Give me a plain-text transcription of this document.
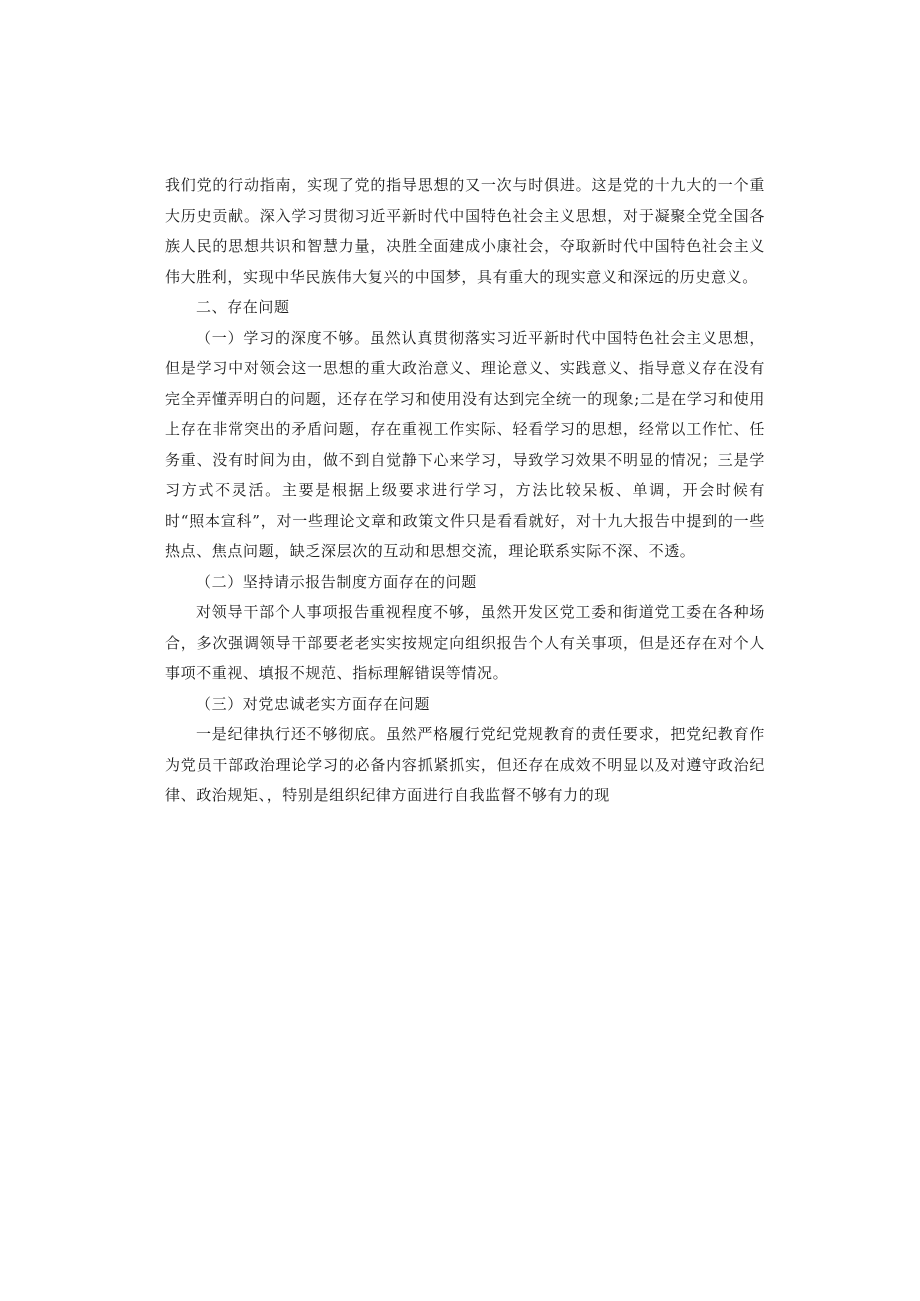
我们党的行动指南，实现了党的指导思想的又一次与时俱进。这是党的十九大的一个重大历史贡献。深入学习贯彻习近平新时代中国特色社会主义思想，对于凝聚全党全国各族人民的思想共识和智慧力量，决胜全面建成小康社会，夺取新时代中国特色社会主义伟大胜利，实现中华民族伟大复兴的中国梦，具有重大的现实意义和深远的历史意义。

二、存在问题

（一）学习的深度不够。虽然认真贯彻落实习近平新时代中国特色社会主义思想，但是学习中对领会这一思想的重大政治意义、理论意义、实践意义、指导意义存在没有完全弄懂弄明白的问题，还存在学习和使用没有达到完全统一的现象;二是在学习和使用上存在非常突出的矛盾问题，存在重视工作实际、轻看学习的思想，经常以工作忙、任务重、没有时间为由，做不到自觉静下心来学习，导致学习效果不明显的情况；三是学习方式不灵活。主要是根据上级要求进行学习，方法比较呆板、单调，开会时候有时“照本宣科”，对一些理论文章和政策文件只是看看就好，对十九大报告中提到的一些热点、焦点问题，缺乏深层次的互动和思想交流，理论联系实际不深、不透。

（二）坚持请示报告制度方面存在的问题

对领导干部个人事项报告重视程度不够，虽然开发区党工委和街道党工委在各种场合，多次强调领导干部要老老实实按规定向组织报告个人有关事项，但是还存在对个人事项不重视、填报不规范、指标理解错误等情况。

（三）对党忠诚老实方面存在问题

一是纪律执行还不够彻底。虽然严格履行党纪党规教育的责任要求，把党纪教育作为党员干部政治理论学习的必备内容抓紧抓实，但还存在成效不明显以及对遵守政治纪律、政治规矩、，特别是组织纪律方面进行自我监督不够有力的现
